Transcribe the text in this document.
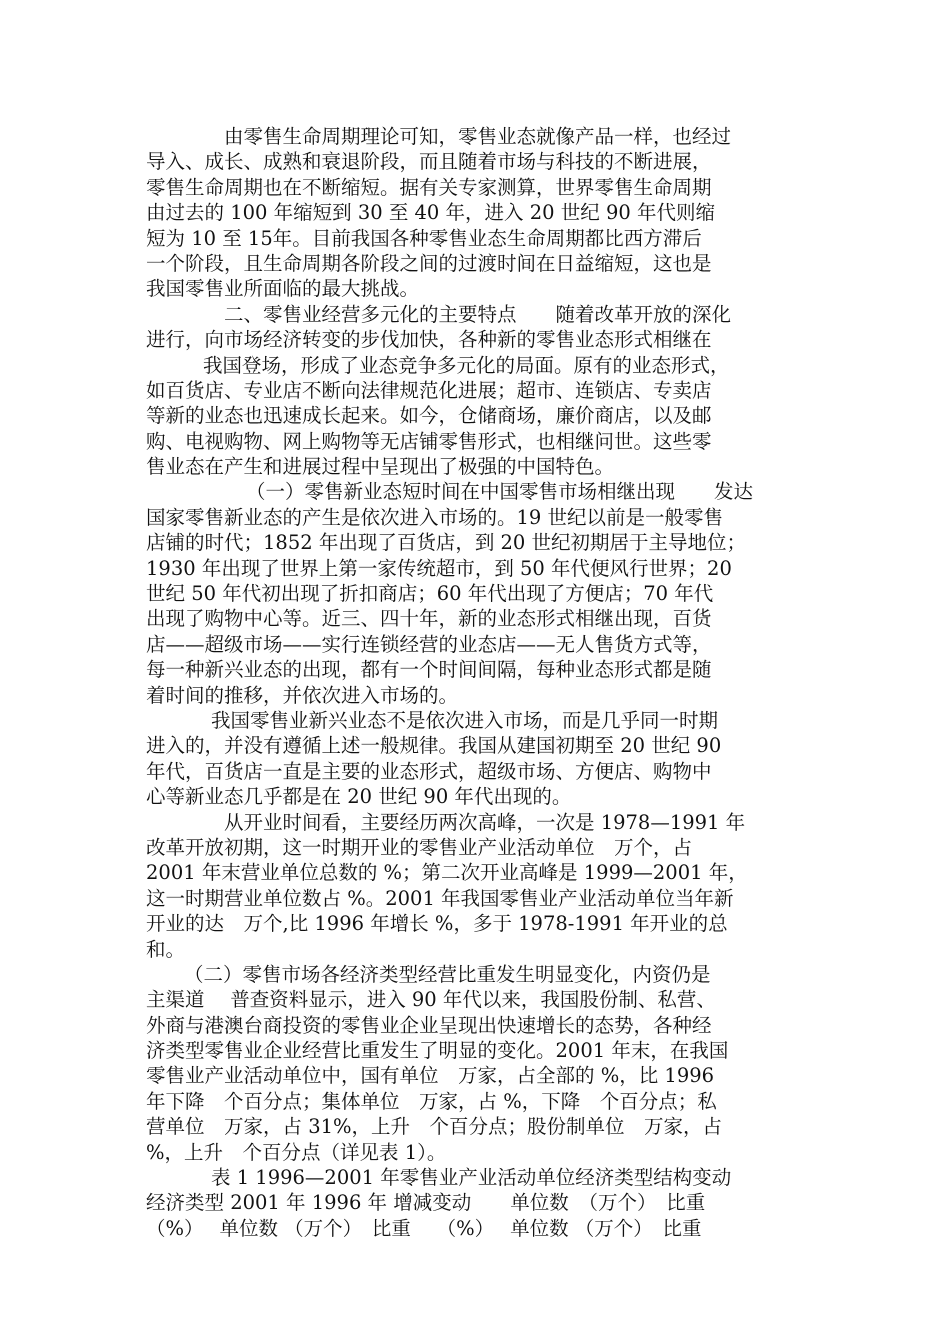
由零售生命周期理论可知，零售业态就像产品一样，也经过
导入、成长、成熟和衰退阶段，而且随着市场与科技的不断进展，
零售生命周期也在不断缩短。据有关专家测算，世界零售生命周期
由过去的 100 年缩短到 30 至 40 年，进入 20 世纪 90 年代则缩
短为 10 至 15年。目前我国各种零售业态生命周期都比西方滞后
一个阶段，且生命周期各阶段之间的过渡时间在日益缩短，这也是
我国零售业所面临的最大挑战。
二、零售业经营多元化的主要特点　　随着改革开放的深化
进行，向市场经济转变的步伐加快，各种新的零售业态形式相继在
我国登场，形成了业态竞争多元化的局面。原有的业态形式，
如百货店、专业店不断向法律规范化进展；超市、连锁店、专卖店
等新的业态也迅速成长起来。如今，仓储商场，廉价商店，以及邮
购、电视购物、网上购物等无店铺零售形式，也相继问世。这些零
售业态在产生和进展过程中呈现出了极强的中国特色。
（一）零售新业态短时间在中国零售市场相继出现　　发达
国家零售新业态的产生是依次进入市场的。19 世纪以前是一般零售
店铺的时代；1852 年出现了百货店，到 20 世纪初期居于主导地位；
1930 年出现了世界上第一家传统超市，到 50 年代便风行世界；20
世纪 50 年代初出现了折扣商店；60 年代出现了方便店；70 年代
出现了购物中心等。近三、四十年，新的业态形式相继出现，百货
店——超级市场——实行连锁经营的业态店——无人售货方式等，
每一种新兴业态的出现，都有一个时间间隔，每种业态形式都是随
着时间的推移，并依次进入市场的。
我国零售业新兴业态不是依次进入市场，而是几乎同一时期
进入的，并没有遵循上述一般规律。我国从建国初期至 20 世纪 90
年代，百货店一直是主要的业态形式，超级市场、方便店、购物中
心等新业态几乎都是在 20 世纪 90 年代出现的。
从开业时间看，主要经历两次高峰，一次是 1978—1991 年
改革开放初期，这一时期开业的零售业产业活动单位　万个，占
2001 年末营业单位总数的 %；第二次开业高峰是 1999—2001 年，
这一时期营业单位数占 %。2001 年我国零售业产业活动单位当年新
开业的达　万个,比 1996 年增长 %，多于 1978-1991 年开业的总
和。
（二）零售市场各经济类型经营比重发生明显变化，内资仍是
主渠道　 普查资料显示，进入 90 年代以来，我国股份制、私营、
外商与港澳台商投资的零售业企业呈现出快速增长的态势，各种经
济类型零售业企业经营比重发生了明显的变化。2001 年末，在我国
零售业产业活动单位中，国有单位　万家，占全部的 %，比 1996
年下降　个百分点；集体单位　万家，占 %，下降　个百分点；私
营单位　万家，占 31%，上升　个百分点；股份制单位　万家，占
%，上升　个百分点（详见表 1）。
表 1 1996—2001 年零售业产业活动单位经济类型结构变动
经济类型 2001 年 1996 年 增减变动　　单位数　（万个）　比重
（%）　 单位数 （万个）　比重　 （%）　 单位数 （万个）　比重
